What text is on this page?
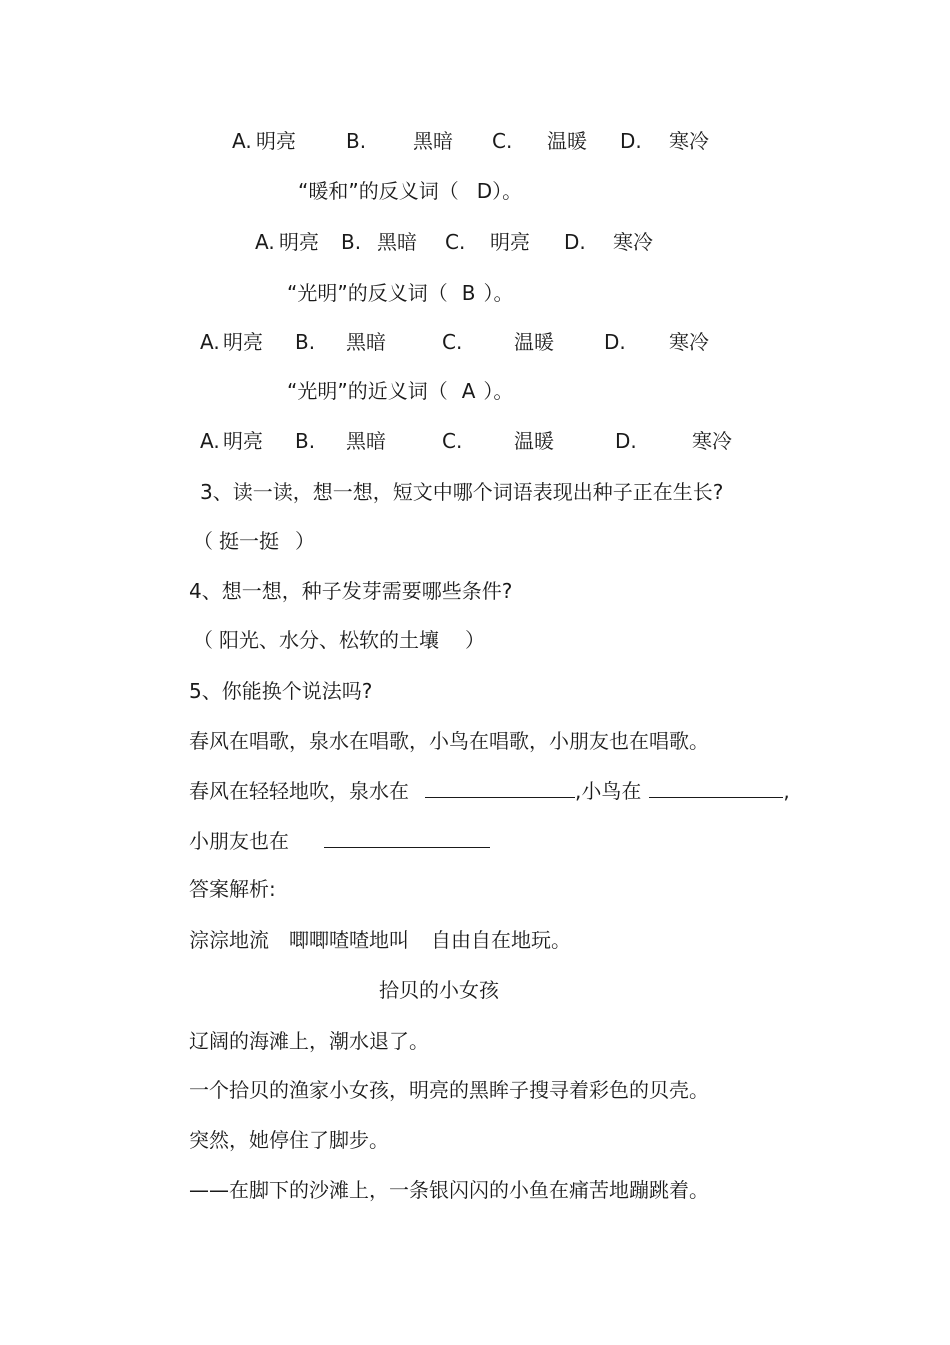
A. 明亮	B. 黑暗 C. 温暖 D. 寒冷
“暖和”的反义词（ D）。
A. 明亮 B. 黑暗 C. 明亮 D. 寒冷
“光明”的反义词（ B ）。
A. 明亮 B. 黑暗	C.	温暖	D. 寒冷
“光明”的近义词（ A ）。
A. 明亮 B. 黑暗	C.	温暖	D.	寒冷
3、读一读，想一想，短文中哪个词语表现出种子正在生长?
（ 挺一挺 ）
4、想一想，种子发芽需要哪些条件?
（ 阳光、水分、松软的土壤 ）
5、你能换个说法吗?
春风在唱歌，泉水在唱歌，小鸟在唱歌，小朋友也在唱歌。
春风在轻轻地吹，泉水在	,小鸟在	,
小朋友也在
答案解析:
淙淙地流 唧唧喳喳地叫 自由自在地玩。
拾贝的小女孩
辽阔的海滩上，潮水退了。
一个拾贝的渔家小女孩，明亮的黑眸子搜寻着彩色的贝壳。
突然，她停住了脚步。
——在脚下的沙滩上，一条银闪闪的小鱼在痛苦地蹦跳着。
